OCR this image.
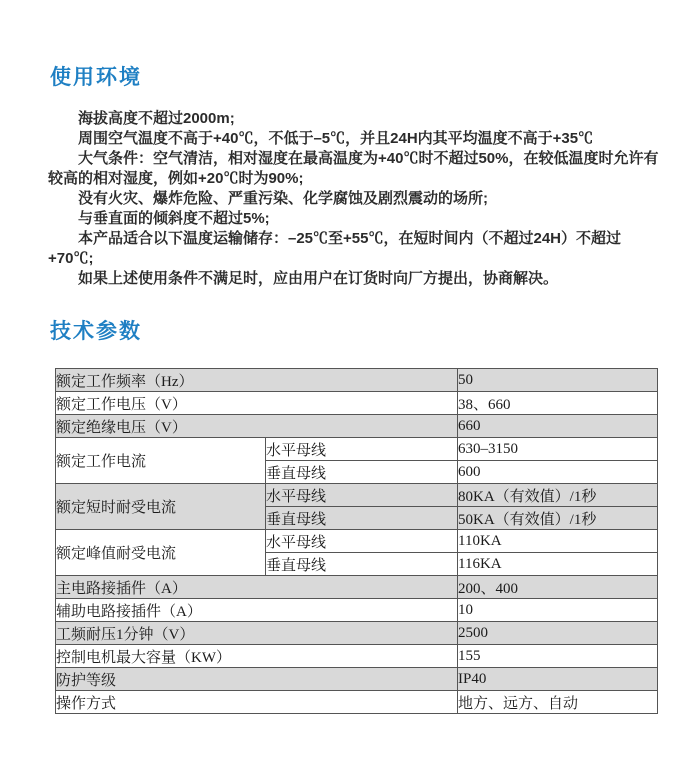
使用环境

海拔高度不超过2000m;

周围空气温度不高于+40℃，不低于–5℃，并且24H内其平均温度不高于+35℃

大气条件：空气清洁，相对湿度在最高温度为+40℃时不超过50%，在较低温度时允许有较高的相对湿度，例如+20℃时为90%;

没有火灾、爆炸危险、严重污染、化学腐蚀及剧烈震动的场所;

与垂直面的倾斜度不超过5%;

本产品适合以下温度运输储存：–25℃至+55℃，在短时间内（不超过24H）不超过+70℃;

如果上述使用条件不满足时，应由用户在订货时向厂方提出，协商解决。

技术参数
额定工作频率（Hz）		50
额定工作电压（V）		38、660
额定绝缘电压（V）		660
额定工作电流	水平母线	630–3150
	垂直母线	600
额定短时耐受电流	水平母线	80KA（有效值）/1秒
	垂直母线	50KA（有效值）/1秒
额定峰值耐受电流	水平母线	110KA
	垂直母线	116KA
主电路接插件（A）		200、400
辅助电路接插件（A）		10
工频耐压1分钟（V）		2500
控制电机最大容量（KW）		155
防护等级		IP40
操作方式		地方、远方、自动
